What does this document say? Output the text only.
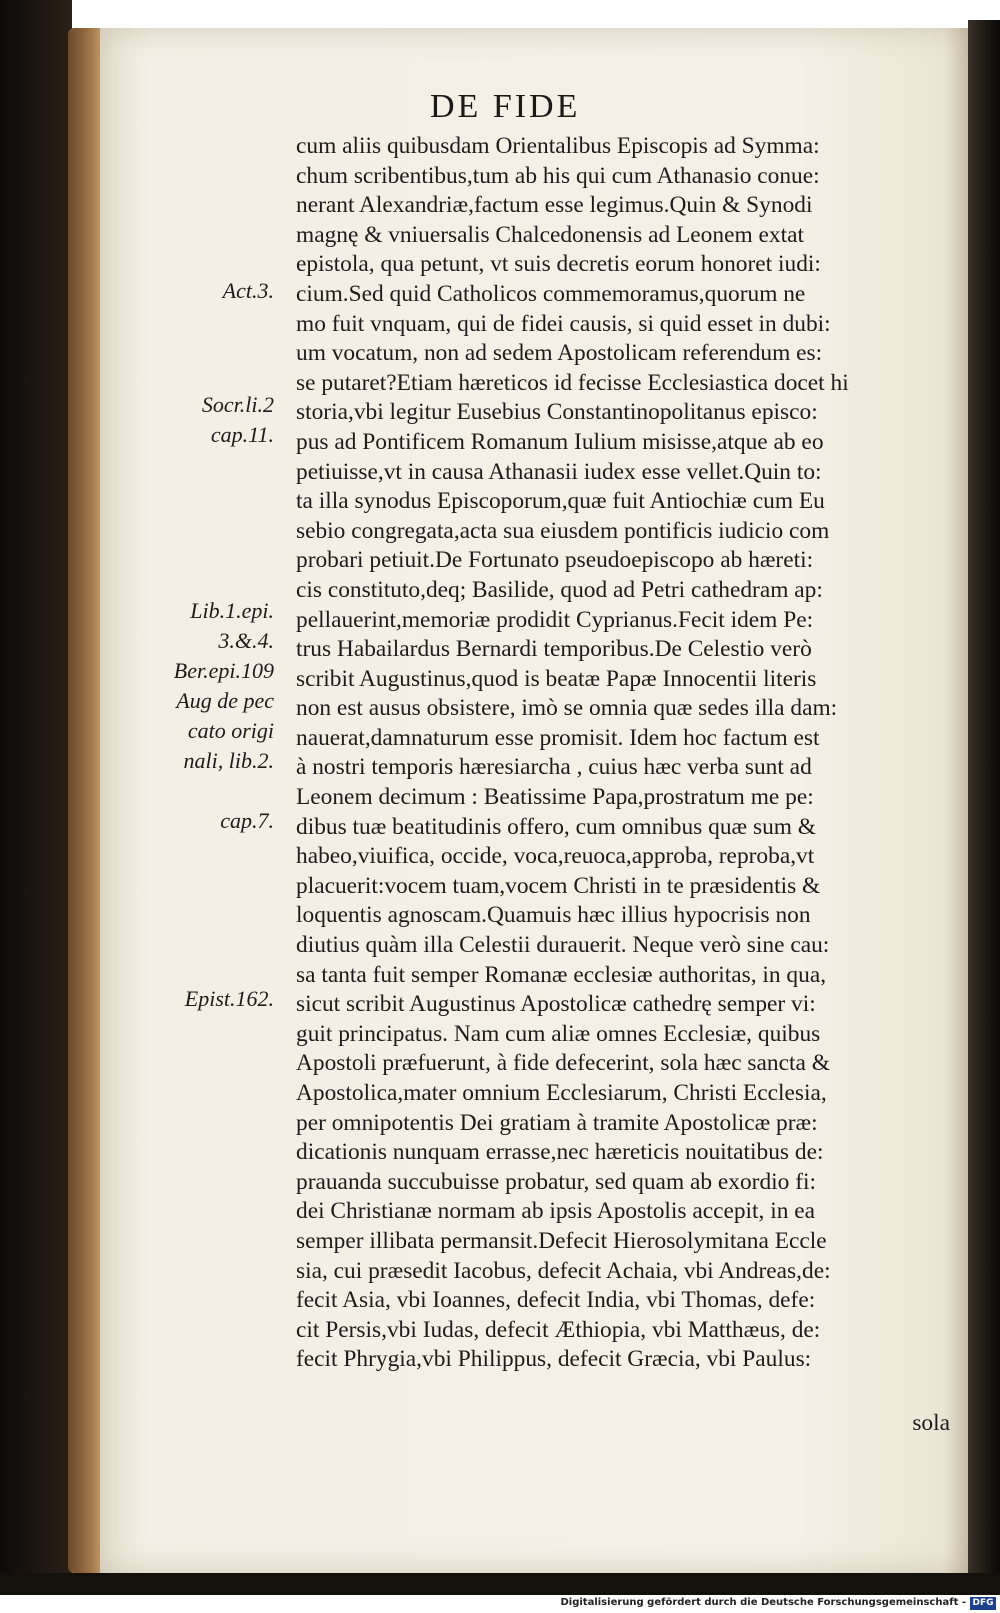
DE FIDE
cum aliis quibusdam Orientalibus Episcopis ad Symma:
chum scribentibus,tum ab his qui cum Athanasio conue:
nerant Alexandriæ,factum esse legimus.Quin & Synodi
magnę & vniuersalis Chalcedonensis ad Leonem extat
epistola, qua petunt, vt suis decretis eorum honoret iudi:
cium.Sed quid Catholicos commemoramus,quorum ne
mo fuit vnquam, qui de fidei causis, si quid esset in dubi:
um vocatum, non ad sedem Apostolicam referendum es:
se putaret?Etiam hæreticos id fecisse Ecclesiastica docet hi
storia,vbi legitur Eusebius Constantinopolitanus episco:
pus ad Pontificem Romanum Iulium misisse,atque ab eo
petiuisse,vt in causa Athanasii iudex esse vellet.Quin to:
ta illa synodus Episcoporum,quæ fuit Antiochiæ cum Eu
sebio congregata,acta sua eiusdem pontificis iudicio com
probari petiuit.De Fortunato pseudoepiscopo ab hæreti:
cis constituto,deq; Basilide, quod ad Petri cathedram ap:
pellauerint,memoriæ prodidit Cyprianus.Fecit idem Pe:
trus Habailardus Bernardi temporibus.De Celestio verò
scribit Augustinus,quod is beatæ Papæ Innocentii literis
non est ausus obsistere, imò se omnia quæ sedes illa dam:
nauerat,damnaturum esse promisit. Idem hoc factum est
à nostri temporis hæresiarcha , cuius hæc verba sunt ad
Leonem decimum : Beatissime Papa,prostratum me pe:
dibus tuæ beatitudinis offero, cum omnibus quæ sum &
habeo,viuifica, occide, voca,reuoca,approba, reproba,vt
placuerit:vocem tuam,vocem Christi in te præsidentis &
loquentis agnoscam.Quamuis hæc illius hypocrisis non
diutius quàm illa Celestii durauerit. Neque verò sine cau:
sa tanta fuit semper Romanæ ecclesiæ authoritas, in qua,
sicut scribit Augustinus Apostolicæ cathedrę semper vi:
guit principatus. Nam cum aliæ omnes Ecclesiæ, quibus
Apostoli præfuerunt, à fide defecerint, sola hæc sancta &
Apostolica,mater omnium Ecclesiarum, Christi Ecclesia,
per omnipotentis Dei gratiam à tramite Apostolicæ præ:
dicationis nunquam errasse,nec hæreticis nouitatibus de:
prauanda succubuisse probatur, sed quam ab exordio fi:
dei Christianæ normam ab ipsis Apostolis accepit, in ea
semper illibata permansit.Defecit Hierosolymitana Eccle
sia, cui præsedit Iacobus, defecit Achaia, vbi Andreas,de:
fecit Asia, vbi Ioannes, defecit India, vbi Thomas, defe:
cit Persis,vbi Iudas, defecit Æthiopia, vbi Matthæus, de:
fecit Phrygia,vbi Philippus, defecit Græcia, vbi Paulus:
sola
Act.3.
Socr.li.2
cap.11.
Lib.1.epi.
3.&.4.
Ber.epi.109
Aug de pec
cato origi
nali, lib.2.
cap.7.
Epist.162.
Digitalisierung gefördert durch die Deutsche Forschungsgemeinschaft - DFG
